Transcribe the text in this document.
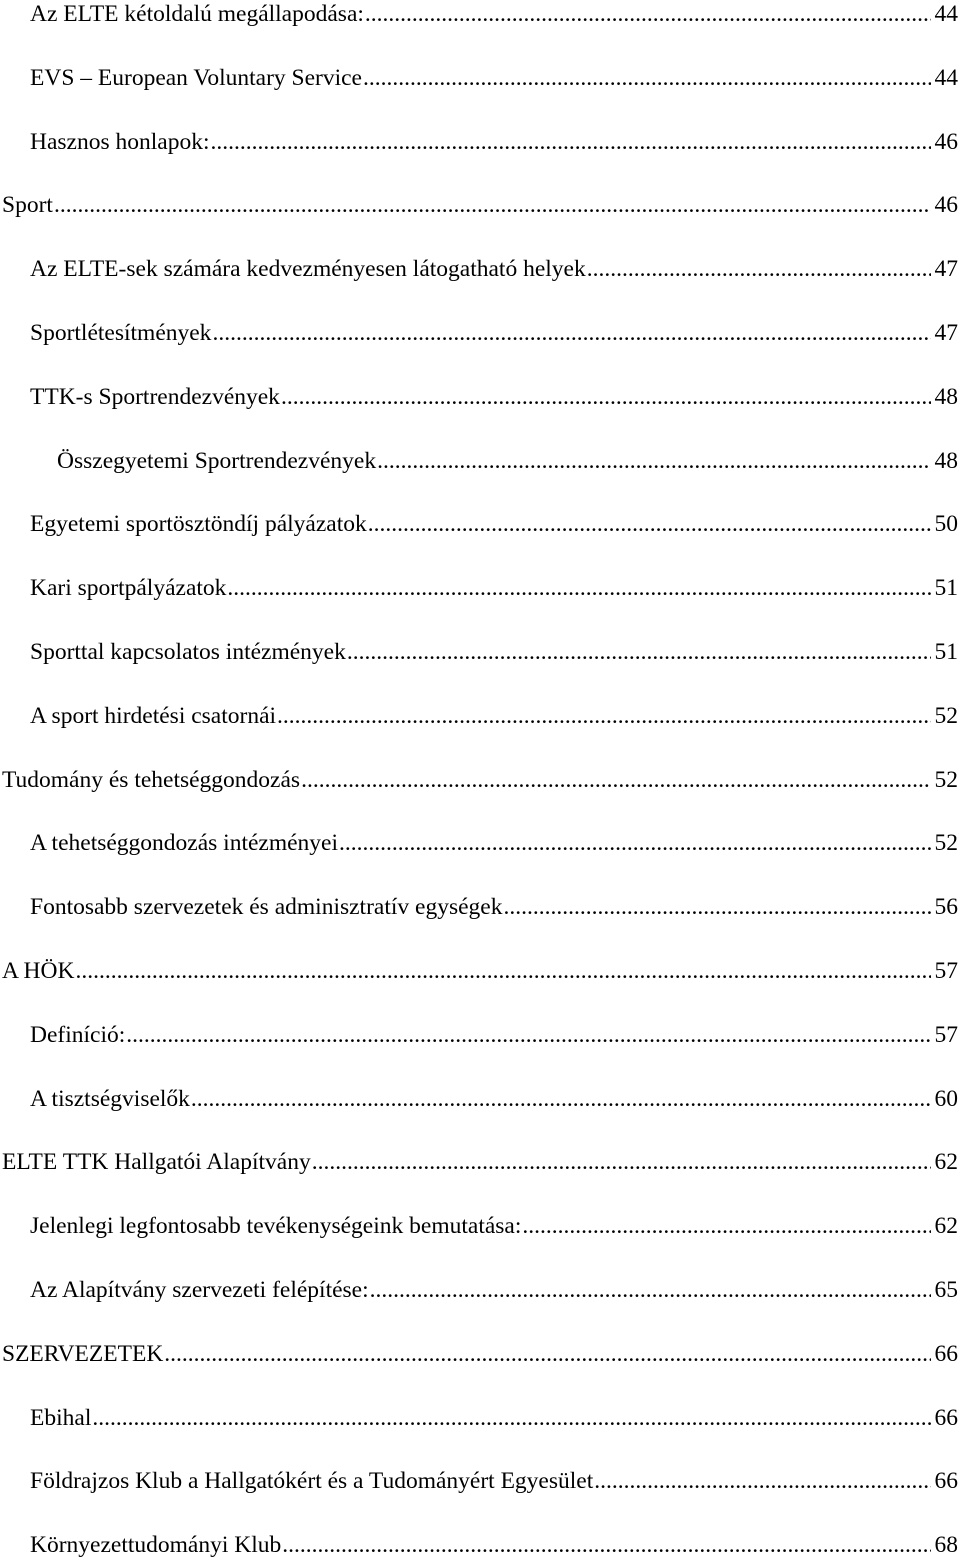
Az ELTE kétoldalú megállapodása: .....	44
EVS – European Voluntary Service .....	44
Hasznos honlapok: .....	46
Sport .....	46
Az ELTE-sek számára kedvezményesen látogatható helyek .....	47
Sportlétesítmények .....	47
TTK-s Sportrendezvények .....	48
Összegyetemi Sportrendezvények .....	48
Egyetemi sportösztöndíj pályázatok .....	50
Kari sportpályázatok .....	51
Sporttal kapcsolatos intézmények .....	51
A sport hirdetési csatornái .....	52
Tudomány és tehetséggondozás .....	52
A tehetséggondozás intézményei .....	52
Fontosabb szervezetek és adminisztratív egységek .....	56
A HÖK .....	57
Definíció: .....	57
A tisztségviselők .....	60
ELTE TTK Hallgatói Alapítvány .....	62
Jelenlegi legfontosabb tevékenységeink bemutatása: .....	62
Az Alapítvány szervezeti felépítése: .....	65
SZERVEZETEK .....	66
Ebihal .....	66
Földrajzos Klub a Hallgatókért és a Tudományért Egyesület .....	66
Környezettudományi Klub .....	68
